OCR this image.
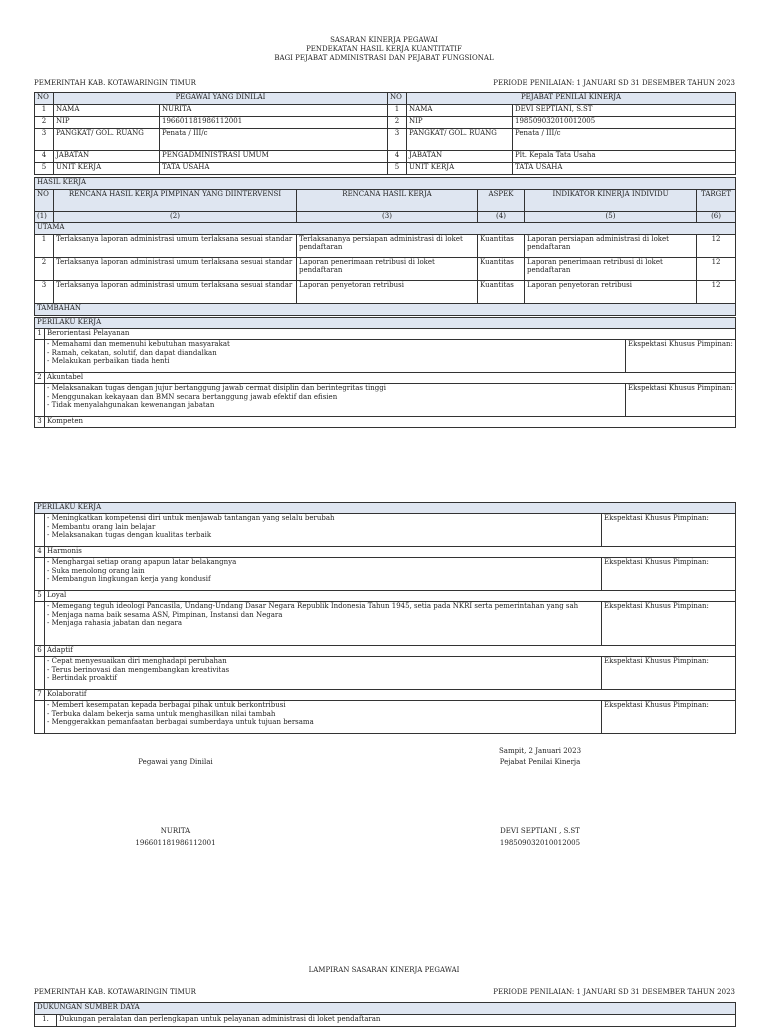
SASARAN KINERJA PEGAWAI
PENDEKATAN HASIL KERJA KUANTITATIF
BAGI PEJABAT ADMINISTRASI DAN PEJABAT FUNGSIONAL
PEMERINTAH KAB. KOTAWARINGIN TIMUR	PERIODE PENILAIAN: 1 JANUARI SD 31 DESEMBER TAHUN 2023
NO	PEGAWAI YANG DINILAI		NO	PEJABAT PENILAI KINERJA	
1	NAMA	NURITA	1	NAMA	DEVI SEPTIANI, S.ST
2	NIP	196601181986112001	2	NIP	198509032010012005
3	PANGKAT/ GOL. RUANG	Penata / III/c	3	PANGKAT/ GOL. RUANG	Penata / III/c
4	JABATAN	PENGADMINISTRASI UMUM	4	JABATAN	Plt. Kepala Tata Usaha
5	UNIT KERJA	TATA USAHA	5	UNIT KERJA	TATA USAHA
HASIL KERJA					
NO	RENCANA HASIL KERJA PIMPINAN YANG DIINTERVENSI	RENCANA HASIL KERJA	ASPEK	INDIKATOR KINERJA INDIVIDU	TARGET
(1)	(2)	(3)	(4)	(5)	(6)
UTAMA					
1	Terlaksanya laporan administrasi umum terlaksana sesuai standar	Terlaksananya persiapan administrasi di loket pendaftaran	Kuantitas	Laporan persiapan administrasi di loket pendaftaran	12
2	Terlaksanya laporan administrasi umum terlaksana sesuai standar	Laporan penerimaan retribusi di loket pendaftaran	Kuantitas	Laporan penerimaan retribusi di loket pendaftaran	12
3	Terlaksanya laporan administrasi umum terlaksana sesuai standar	Laporan penyetoran retribusi	Kuantitas	Laporan penyetoran retribusi	12
TAMBAHAN					
PERILAKU KERJA		
1	Berorientasi Pelayanan	

	- Memahami dan memenuhi kebutuhan masyarakat
- Ramah, cekatan, solutif, dan dapat diandalkan
- Melakukan perbaikan tiada henti	Ekspektasi Khusus Pimpinan:
2	Akuntabel	

	- Melaksanakan tugas dengan jujur bertanggung jawab cermat disiplin dan berintegritas tinggi
- Menggunakan kekayaan dan BMN secara bertanggung jawab efektif dan efisien
- Tidak menyalahgunakan kewenangan jabatan	Ekspektasi Khusus Pimpinan:
3	Kompeten	
PERILAKU KERJA		

	- Meningkatkan kompetensi diri untuk menjawab tantangan yang selalu berubah
- Membantu orang lain belajar
- Melaksanakan tugas dengan kualitas terbaik	Ekspektasi Khusus Pimpinan:
4	Harmonis	

	- Menghargai setiap orang apapun latar belakangnya
- Suka menolong orang lain
- Membangun lingkungan kerja yang kondusif	Ekspektasi Khusus Pimpinan:
5	Loyal	

	- Memegang teguh ideologi Pancasila, Undang-Undang Dasar Negara Republik Indonesia Tahun 1945, setia pada NKRI serta pemerintahan yang sah
- Menjaga nama baik sesama ASN, Pimpinan, Instansi dan Negara
- Menjaga rahasia jabatan dan negara	Ekspektasi Khusus Pimpinan:
6	Adaptif	

	- Cepat menyesuaikan diri menghadapi perubahan
- Terus berinovasi dan mengembangkan kreativitas
- Bertindak proaktif	Ekspektasi Khusus Pimpinan:
7	Kolaboratif	

	- Memberi kesempatan kepada berbagai pihak untuk berkontribusi
- Terbuka dalam bekerja sama untuk menghasilkan nilai tambah
- Menggerakkan pemanfaatan berbagai sumberdaya untuk tujuan bersama	Ekspektasi Khusus Pimpinan:
Sampit, 2 Januari 2023
Pegawai yang Dinilai	Pejabat Penilai Kinerja
NURITA
196601181986112001
DEVI SEPTIANI , S.ST
198509032010012005
LAMPIRAN SASARAN KINERJA PEGAWAI
PEMERINTAH KAB. KOTAWARINGIN TIMUR	PERIODE PENILAIAN: 1 JANUARI SD 31 DESEMBER TAHUN 2023
DUKUNGAN SUMBER DAYA
1.	Dukungan peralatan dan perlengkapan untuk pelayanan administrasi di loket pendaftaran
